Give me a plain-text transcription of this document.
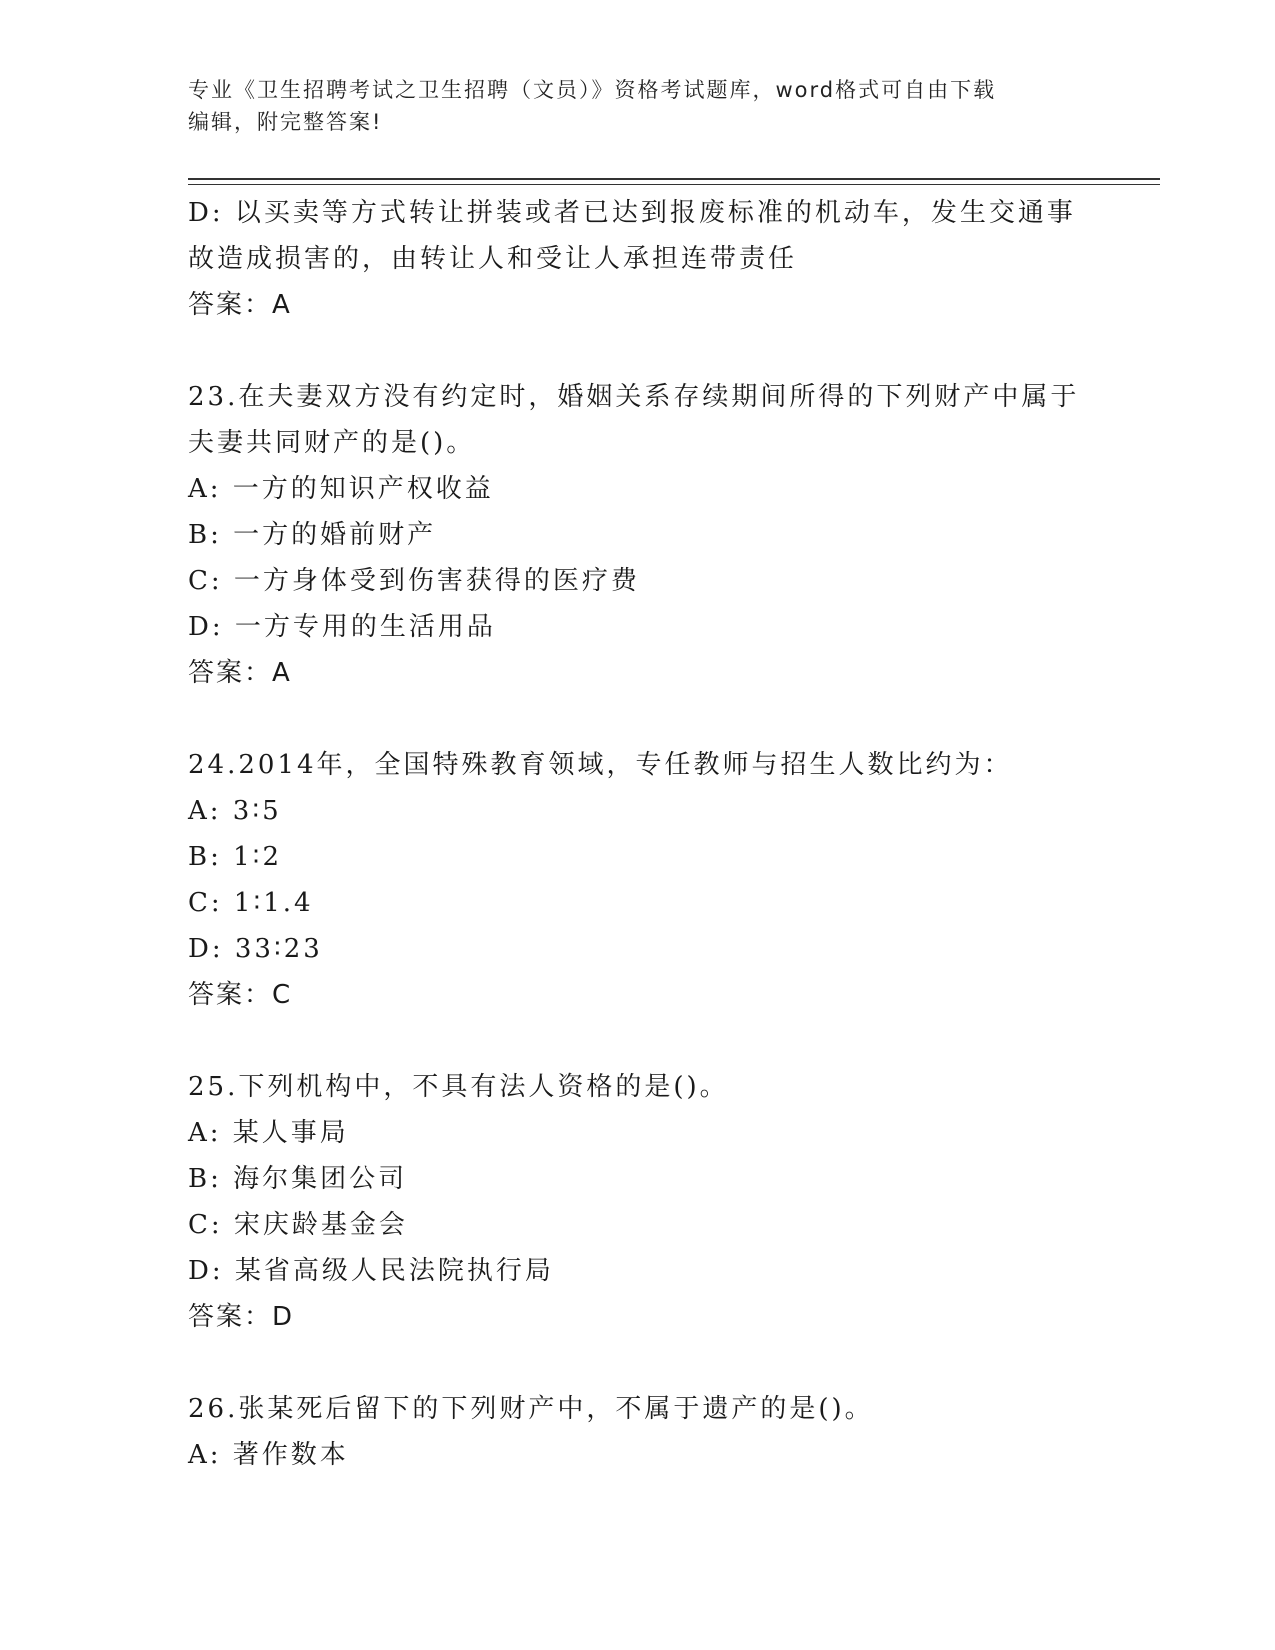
专业《卫生招聘考试之卫生招聘（文员）》资格考试题库，word格式可自由下载
编辑，附完整答案!
D: 以买卖等方式转让拼装或者已达到报废标准的机动车，发生交通事
故造成损害的，由转让人和受让人承担连带责任
答案：A
23.在夫妻双方没有约定时，婚姻关系存续期间所得的下列财产中属于
夫妻共同财产的是()。
A: 一方的知识产权收益
B: 一方的婚前财产
C: 一方身体受到伤害获得的医疗费
D: 一方专用的生活用品
答案：A
24.2014年，全国特殊教育领域，专任教师与招生人数比约为：
A: 3∶5
B: 1∶2
C: 1∶1.4
D: 33∶23
答案：C
25.下列机构中，不具有法人资格的是()。
A: 某人事局
B: 海尔集团公司
C: 宋庆龄基金会
D: 某省高级人民法院执行局
答案：D
26.张某死后留下的下列财产中，不属于遗产的是()。
A: 著作数本
